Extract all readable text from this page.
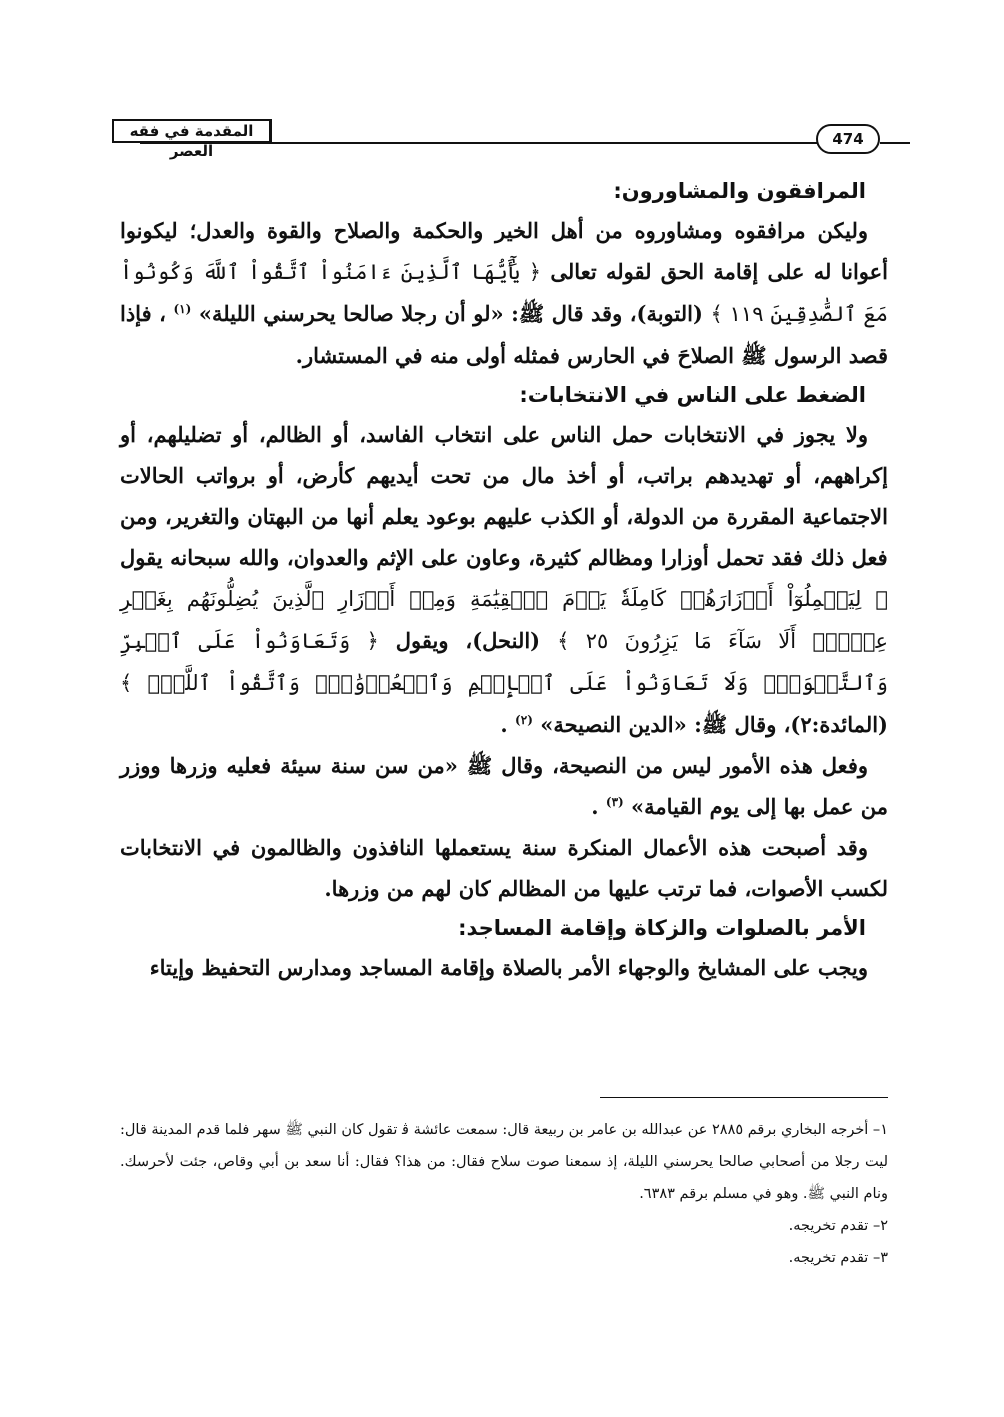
المقدمة في فقه العصر
474
المرافقون والمشاورون:

وليكن مرافقوه ومشاوروه من أهل الخير والحكمة والصلاح والقوة والعدل؛ ليكونوا أعوانا له على إقامة الحق لقوله تعالى ﴿ يَٰٓأَيُّهَا ٱلَّذِينَ ءَامَنُواْ ٱتَّقُواْ ٱللَّهَ وَكُونُواْ مَعَ ٱلصَّٰدِقِينَ ١١٩ ﴾ (التوبة)، وقد قال ﷺ: «لو أن رجلا صالحا يحرسني الليلة» $^{(١)}$ ، فإذا قصد الرسول ﷺ الصلاحَ في الحارس فمثله أولى منه في المستشار.

الضغط على الناس في الانتخابات:

ولا يجوز في الانتخابات حمل الناس على انتخاب الفاسد، أو الظالم، أو تضليلهم، أو إكراههم، أو تهديدهم براتب، أو أخذ مال من تحت أيديهم كأرض، أو برواتب الحالات الاجتماعية المقررة من الدولة، أو الكذب عليهم بوعود يعلم أنها من البهتان والتغرير، ومن فعل ذلك فقد تحمل أوزارا ومظالم كثيرة، وعاون على الإثم والعدوان، والله سبحانه يقول ﴿ لِيَحۡمِلُوٓاْ أَوۡزَارَهُمۡ كَامِلَةٗ يَوۡمَ ٱلۡقِيَٰمَةِ وَمِنۡ أَوۡزَارِ ٱلَّذِينَ يُضِلُّونَهُم بِغَيۡرِ عِلۡمٍۗ أَلَا سَآءَ مَا يَزِرُونَ ٢٥ ﴾ (النحل)، ويقول ﴿ وَتَعَاوَنُواْ عَلَى ٱلۡبِرِّ وَٱلتَّقۡوَىٰۖ وَلَا تَعَاوَنُواْ عَلَى ٱلۡإِثۡمِ وَٱلۡعُدۡوَٰنِۚ وَٱتَّقُواْ ٱللَّهَۖ ﴾ (المائدة:٢)، وقال ﷺ: «الدين النصيحة» $^{(٢)}$ .

وفعل هذه الأمور ليس من النصيحة، وقال ﷺ «من سن سنة سيئة فعليه وزرها ووزر من عمل بها إلى يوم القيامة» $^{(٣)}$ .

وقد أصبحت هذه الأعمال المنكرة سنة يستعملها النافذون والظالمون في الانتخابات لكسب الأصوات، فما ترتب عليها من المظالم كان لهم من وزرها.

الأمر بالصلوات والزكاة وإقامة المساجد:

ويجب على المشايخ والوجهاء الأمر بالصلاة وإقامة المساجد ومدارس التحفيظ وإيتاء

١– أخرجه البخاري برقم ٢٨٨٥ عن عبدالله بن عامر بن ربيعة قال: سمعت عائشة ﭬ تقول كان النبي ﷺ سهر فلما قدم المدينة قال: ليت رجلا من أصحابي صالحا يحرسني الليلة، إذ سمعنا صوت سلاح فقال: من هذا؟ فقال: أنا سعد بن أبي وقاص، جئت لأحرسك. ونام النبي ﷺ. وهو في مسلم برقم ٦٣٨٣.

٢– تقدم تخريجه.

٣– تقدم تخريجه.
